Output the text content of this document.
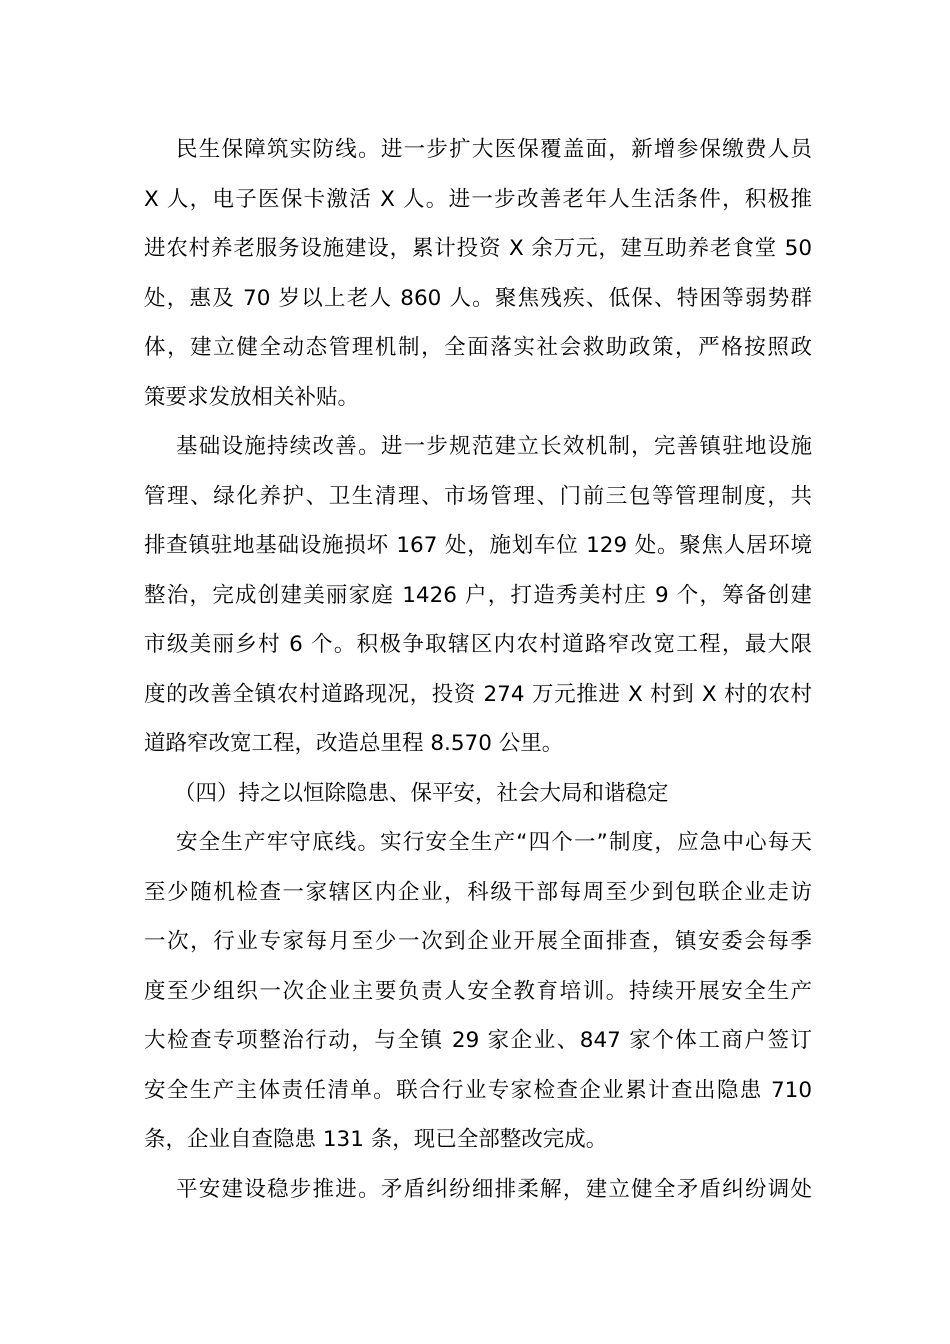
民生保障筑实防线。进一步扩大医保覆盖面，新增参保缴费人员
X 人，电子医保卡激活 X 人。进一步改善老年人生活条件，积极推
进农村养老服务设施建设，累计投资 X 余万元，建互助养老食堂 50
处，惠及 70 岁以上老人 860 人。聚焦残疾、低保、特困等弱势群
体，建立健全动态管理机制，全面落实社会救助政策，严格按照政
策要求发放相关补贴。
基础设施持续改善。进一步规范建立长效机制，完善镇驻地设施
管理、绿化养护、卫生清理、市场管理、门前三包等管理制度，共
排查镇驻地基础设施损坏 167 处，施划车位 129 处。聚焦人居环境
整治，完成创建美丽家庭 1426 户，打造秀美村庄 9 个，筹备创建
市级美丽乡村 6 个。积极争取辖区内农村道路窄改宽工程，最大限
度的改善全镇农村道路现况，投资 274 万元推进 X 村到 X 村的农村
道路窄改宽工程，改造总里程 8.570 公里。
（四）持之以恒除隐患、保平安，社会大局和谐稳定
安全生产牢守底线。实行安全生产“四个一”制度，应急中心每天
至少随机检查一家辖区内企业，科级干部每周至少到包联企业走访
一次，行业专家每月至少一次到企业开展全面排查，镇安委会每季
度至少组织一次企业主要负责人安全教育培训。持续开展安全生产
大检查专项整治行动，与全镇 29 家企业、847 家个体工商户签订
安全生产主体责任清单。联合行业专家检查企业累计查出隐患 710
条，企业自查隐患 131 条，现已全部整改完成。
平安建设稳步推进。矛盾纠纷细排柔解，建立健全矛盾纠纷调处
